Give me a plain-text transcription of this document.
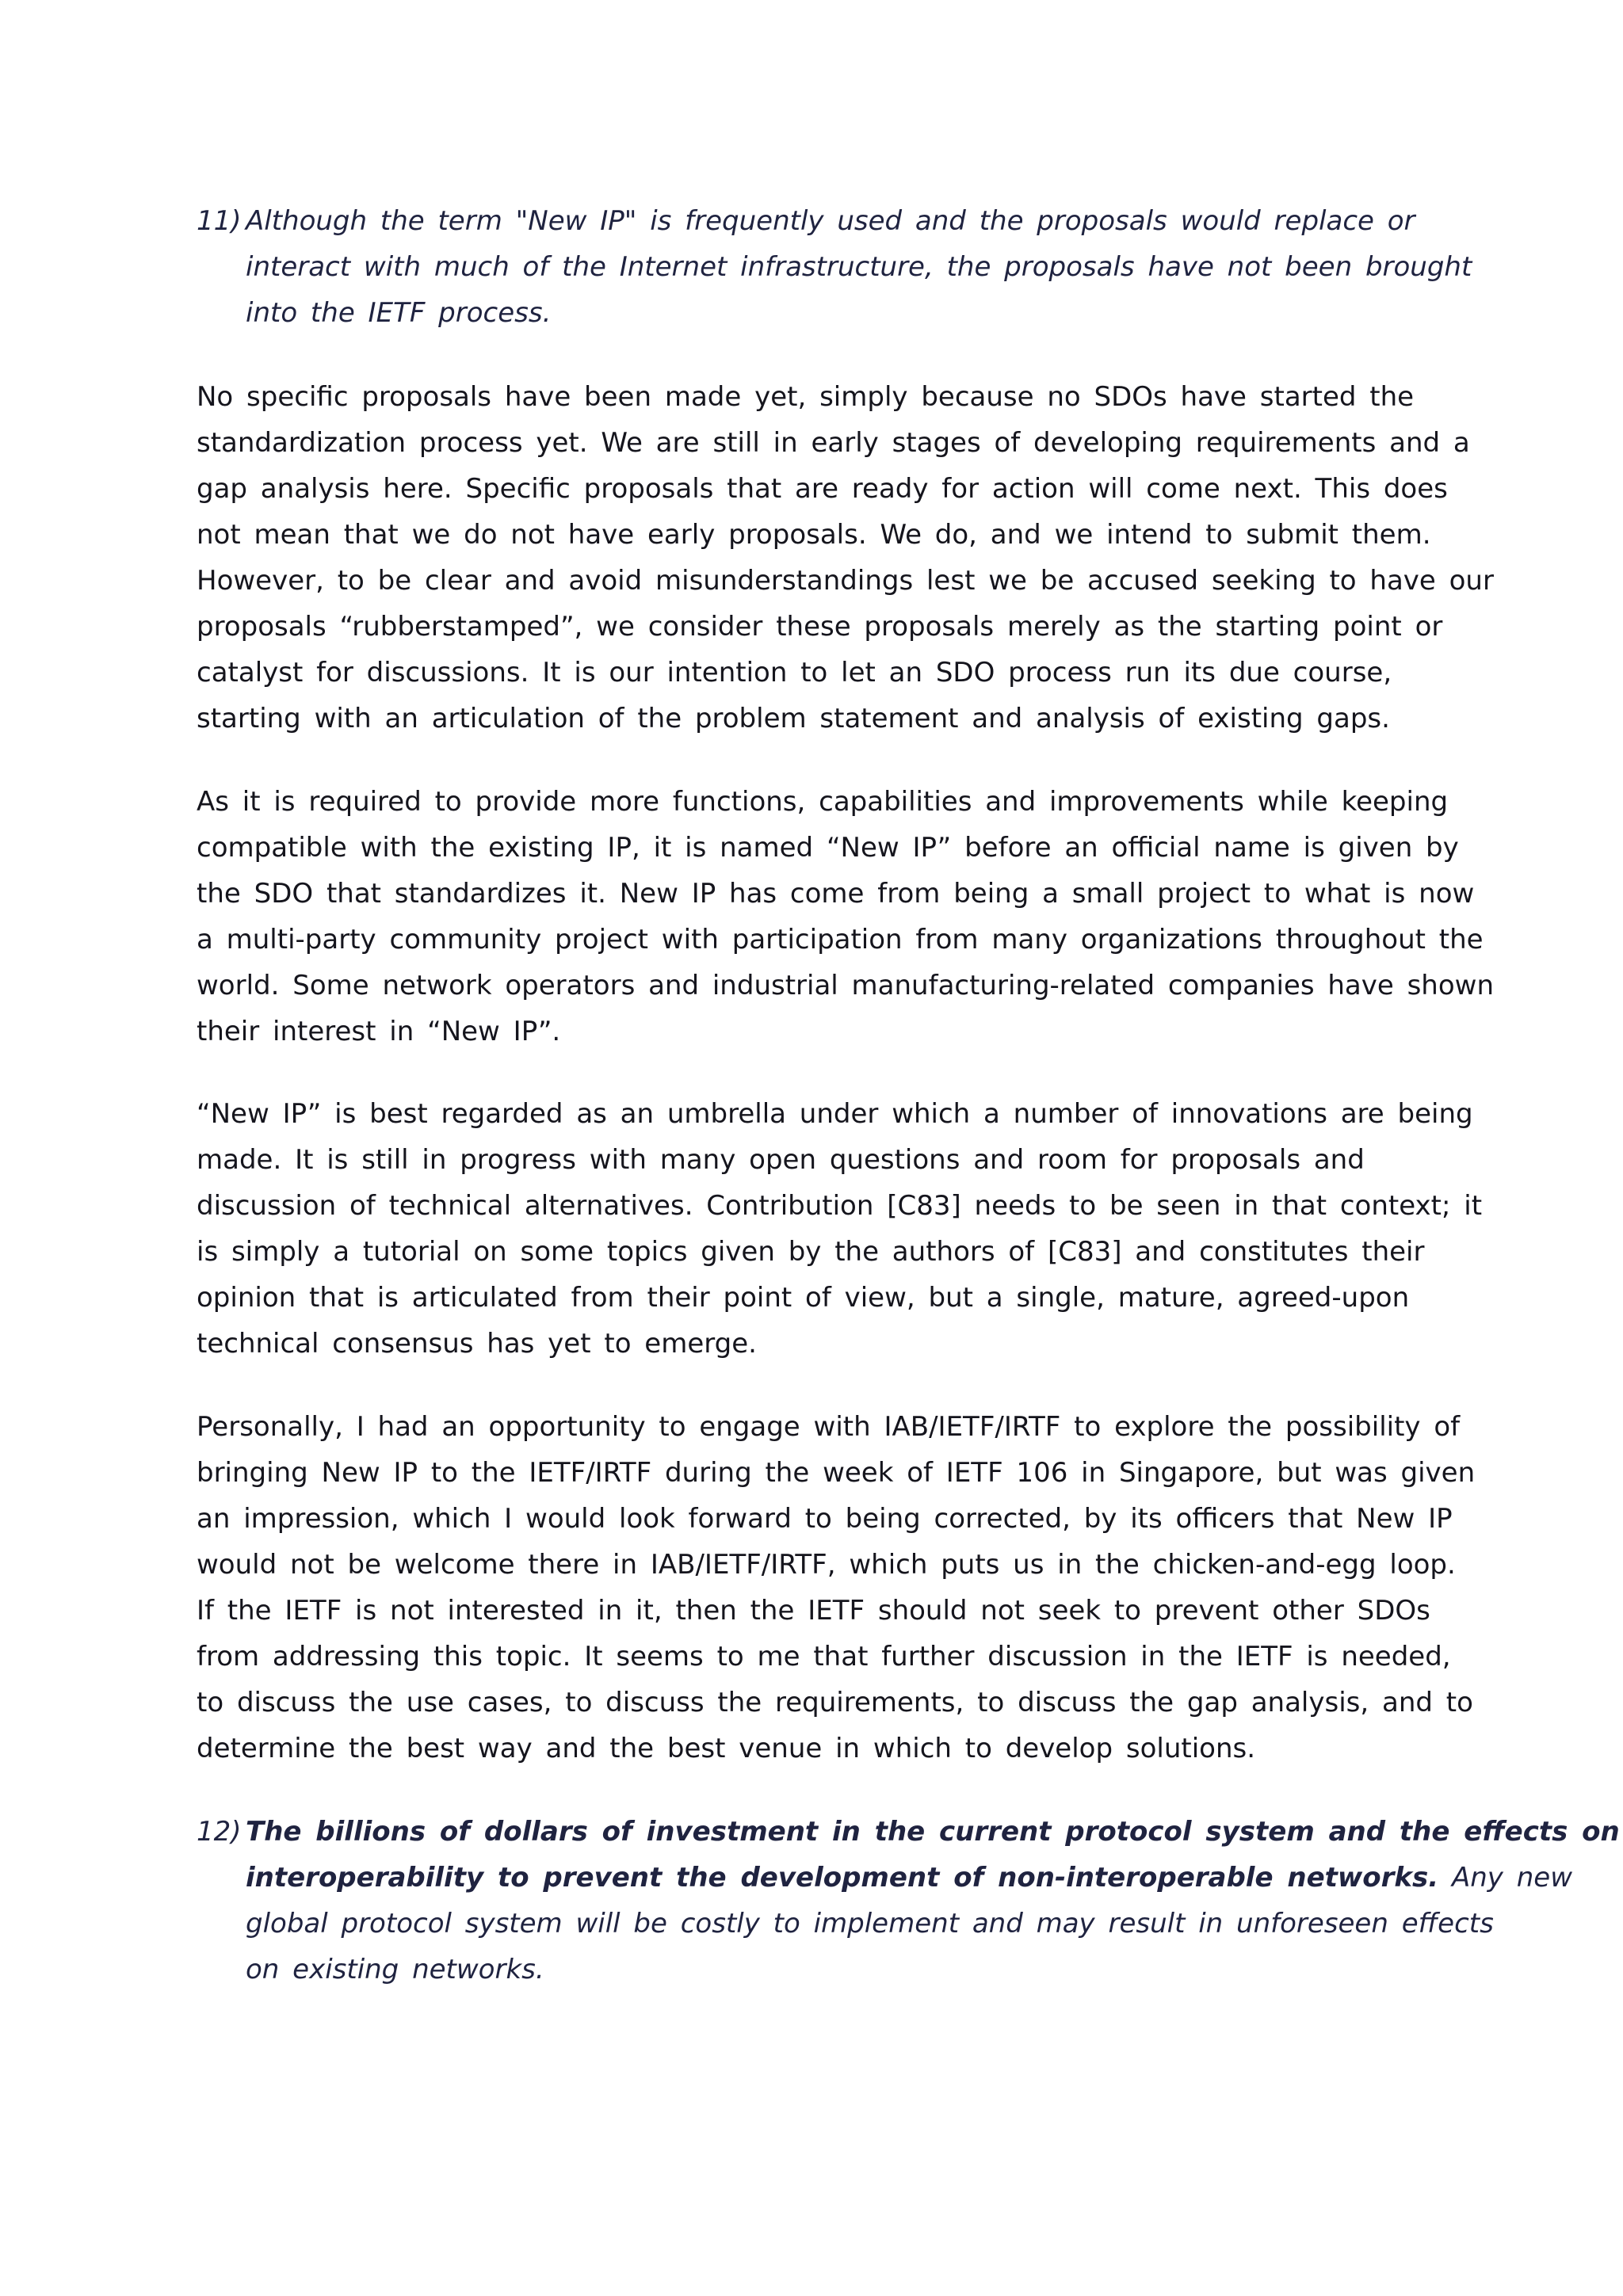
11) Although the term "New IP" is frequently used and the proposals would replace or
interact with much of the Internet infrastructure, the proposals have not been brought
into the IETF process.
No specific proposals have been made yet, simply because no SDOs have started the
standardization process yet. We are still in early stages of developing requirements and a
gap analysis here. Specific proposals that are ready for action will come next. This does
not mean that we do not have early proposals. We do, and we intend to submit them.
However, to be clear and avoid misunderstandings lest we be accused seeking to have our
proposals “rubberstamped”, we consider these proposals merely as the starting point or
catalyst for discussions. It is our intention to let an SDO process run its due course,
starting with an articulation of the problem statement and analysis of existing gaps.
As it is required to provide more functions, capabilities and improvements while keeping
compatible with the existing IP, it is named “New IP” before an official name is given by
the SDO that standardizes it. New IP has come from being a small project to what is now
a multi-party community project with participation from many organizations throughout the
world. Some network operators and industrial manufacturing-related companies have shown
their interest in “New IP”.
“New IP” is best regarded as an umbrella under which a number of innovations are being
made. It is still in progress with many open questions and room for proposals and
discussion of technical alternatives. Contribution [C83] needs to be seen in that context; it
is simply a tutorial on some topics given by the authors of [C83] and constitutes their
opinion that is articulated from their point of view, but a single, mature, agreed-upon
technical consensus has yet to emerge.
Personally, I had an opportunity to engage with IAB/IETF/IRTF to explore the possibility of
bringing New IP to the IETF/IRTF during the week of IETF 106 in Singapore, but was given
an impression, which I would look forward to being corrected, by its officers that New IP
would not be welcome there in IAB/IETF/IRTF, which puts us in the chicken-and-egg loop.
If the IETF is not interested in it, then the IETF should not seek to prevent other SDOs
from addressing this topic. It seems to me that further discussion in the IETF is needed,
to discuss the use cases, to discuss the requirements, to discuss the gap analysis, and to
determine the best way and the best venue in which to develop solutions.
12) The billions of dollars of investment in the current protocol system and the effects on
interoperability to prevent the development of non-interoperable networks. Any new
global protocol system will be costly to implement and may result in unforeseen effects
on existing networks.
